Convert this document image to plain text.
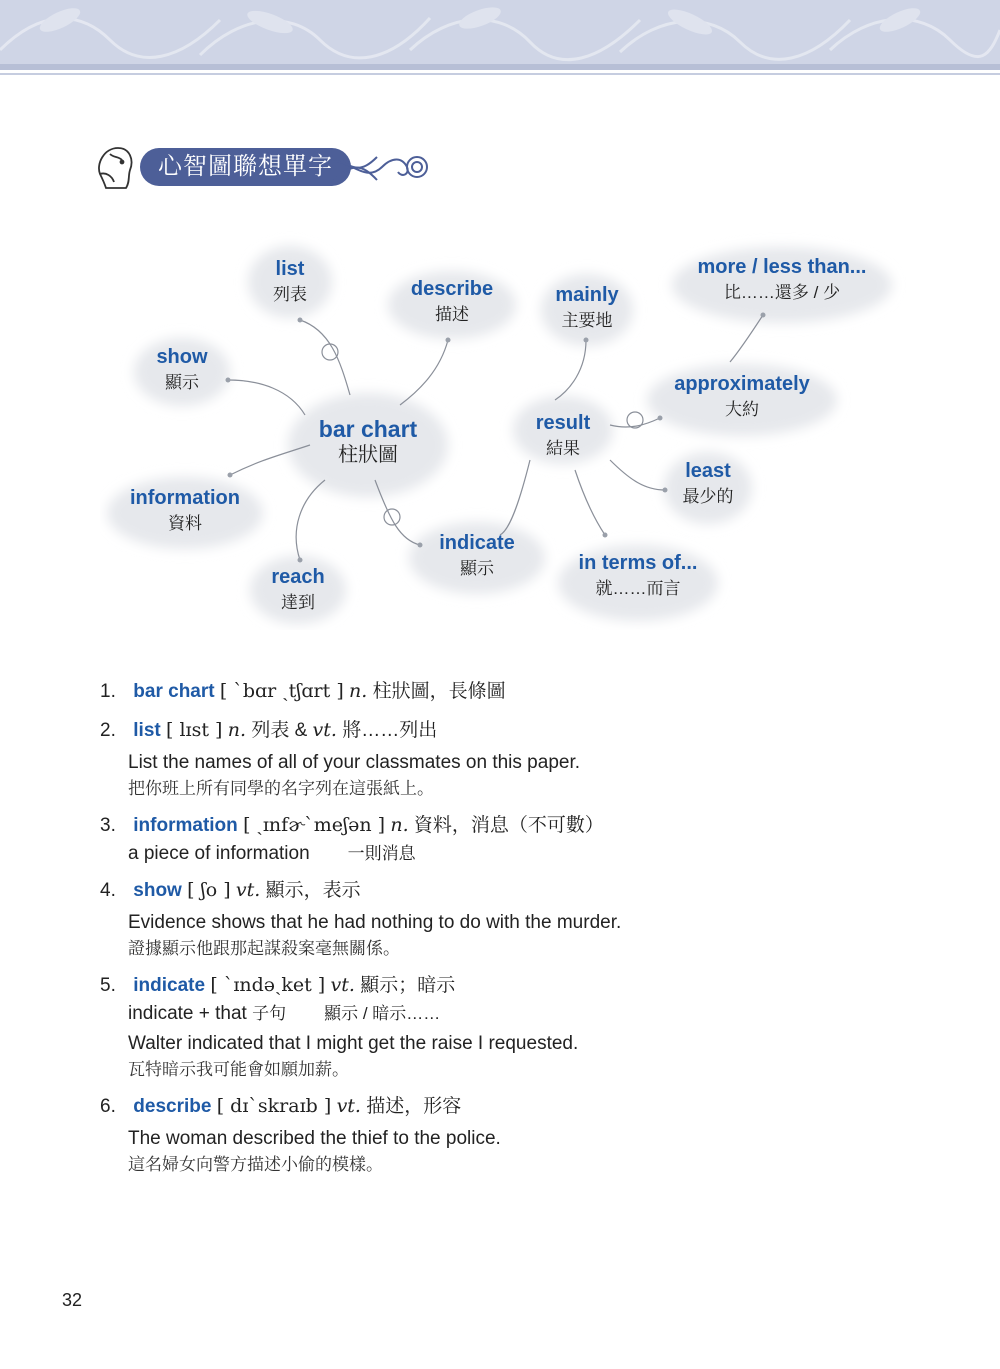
心智圖聯想單字
bar chart
柱狀圖
list
列表
show
顯示
information
資料
reach
達到
describe
描述
mainly
主要地
result
結果
more / less than...
比……還多 / 少
approximately
大約
least
最少的
indicate
顯示	in terms of...
就……而言
1. bar chart [ ˋbɑr ˏtʃɑrt ] n. 柱狀圖，長條圖
2. list [ lɪst ] n. 列表 & vt. 將……列出
List the names of all of your classmates on this paper.
把你班上所有同學的名字列在這張紙上。
3. information [ ˏɪnfɚˋmeʃən ] n. 資料，消息（不可數）
a piece of information 一則消息
4. show [ ʃo ] vt. 顯示，表示
Evidence shows that he had nothing to do with the murder.
證據顯示他跟那起謀殺案毫無關係。
5. indicate [ ˋɪndəˏket ] vt. 顯示；暗示
indicate + that 子句 顯示 / 暗示……
Walter indicated that I might get the raise I requested.
瓦特暗示我可能會如願加薪。
6. describe [ dɪˋskraɪb ] vt. 描述，形容
The woman described the thief to the police.
這名婦女向警方描述小偷的模樣。
32
